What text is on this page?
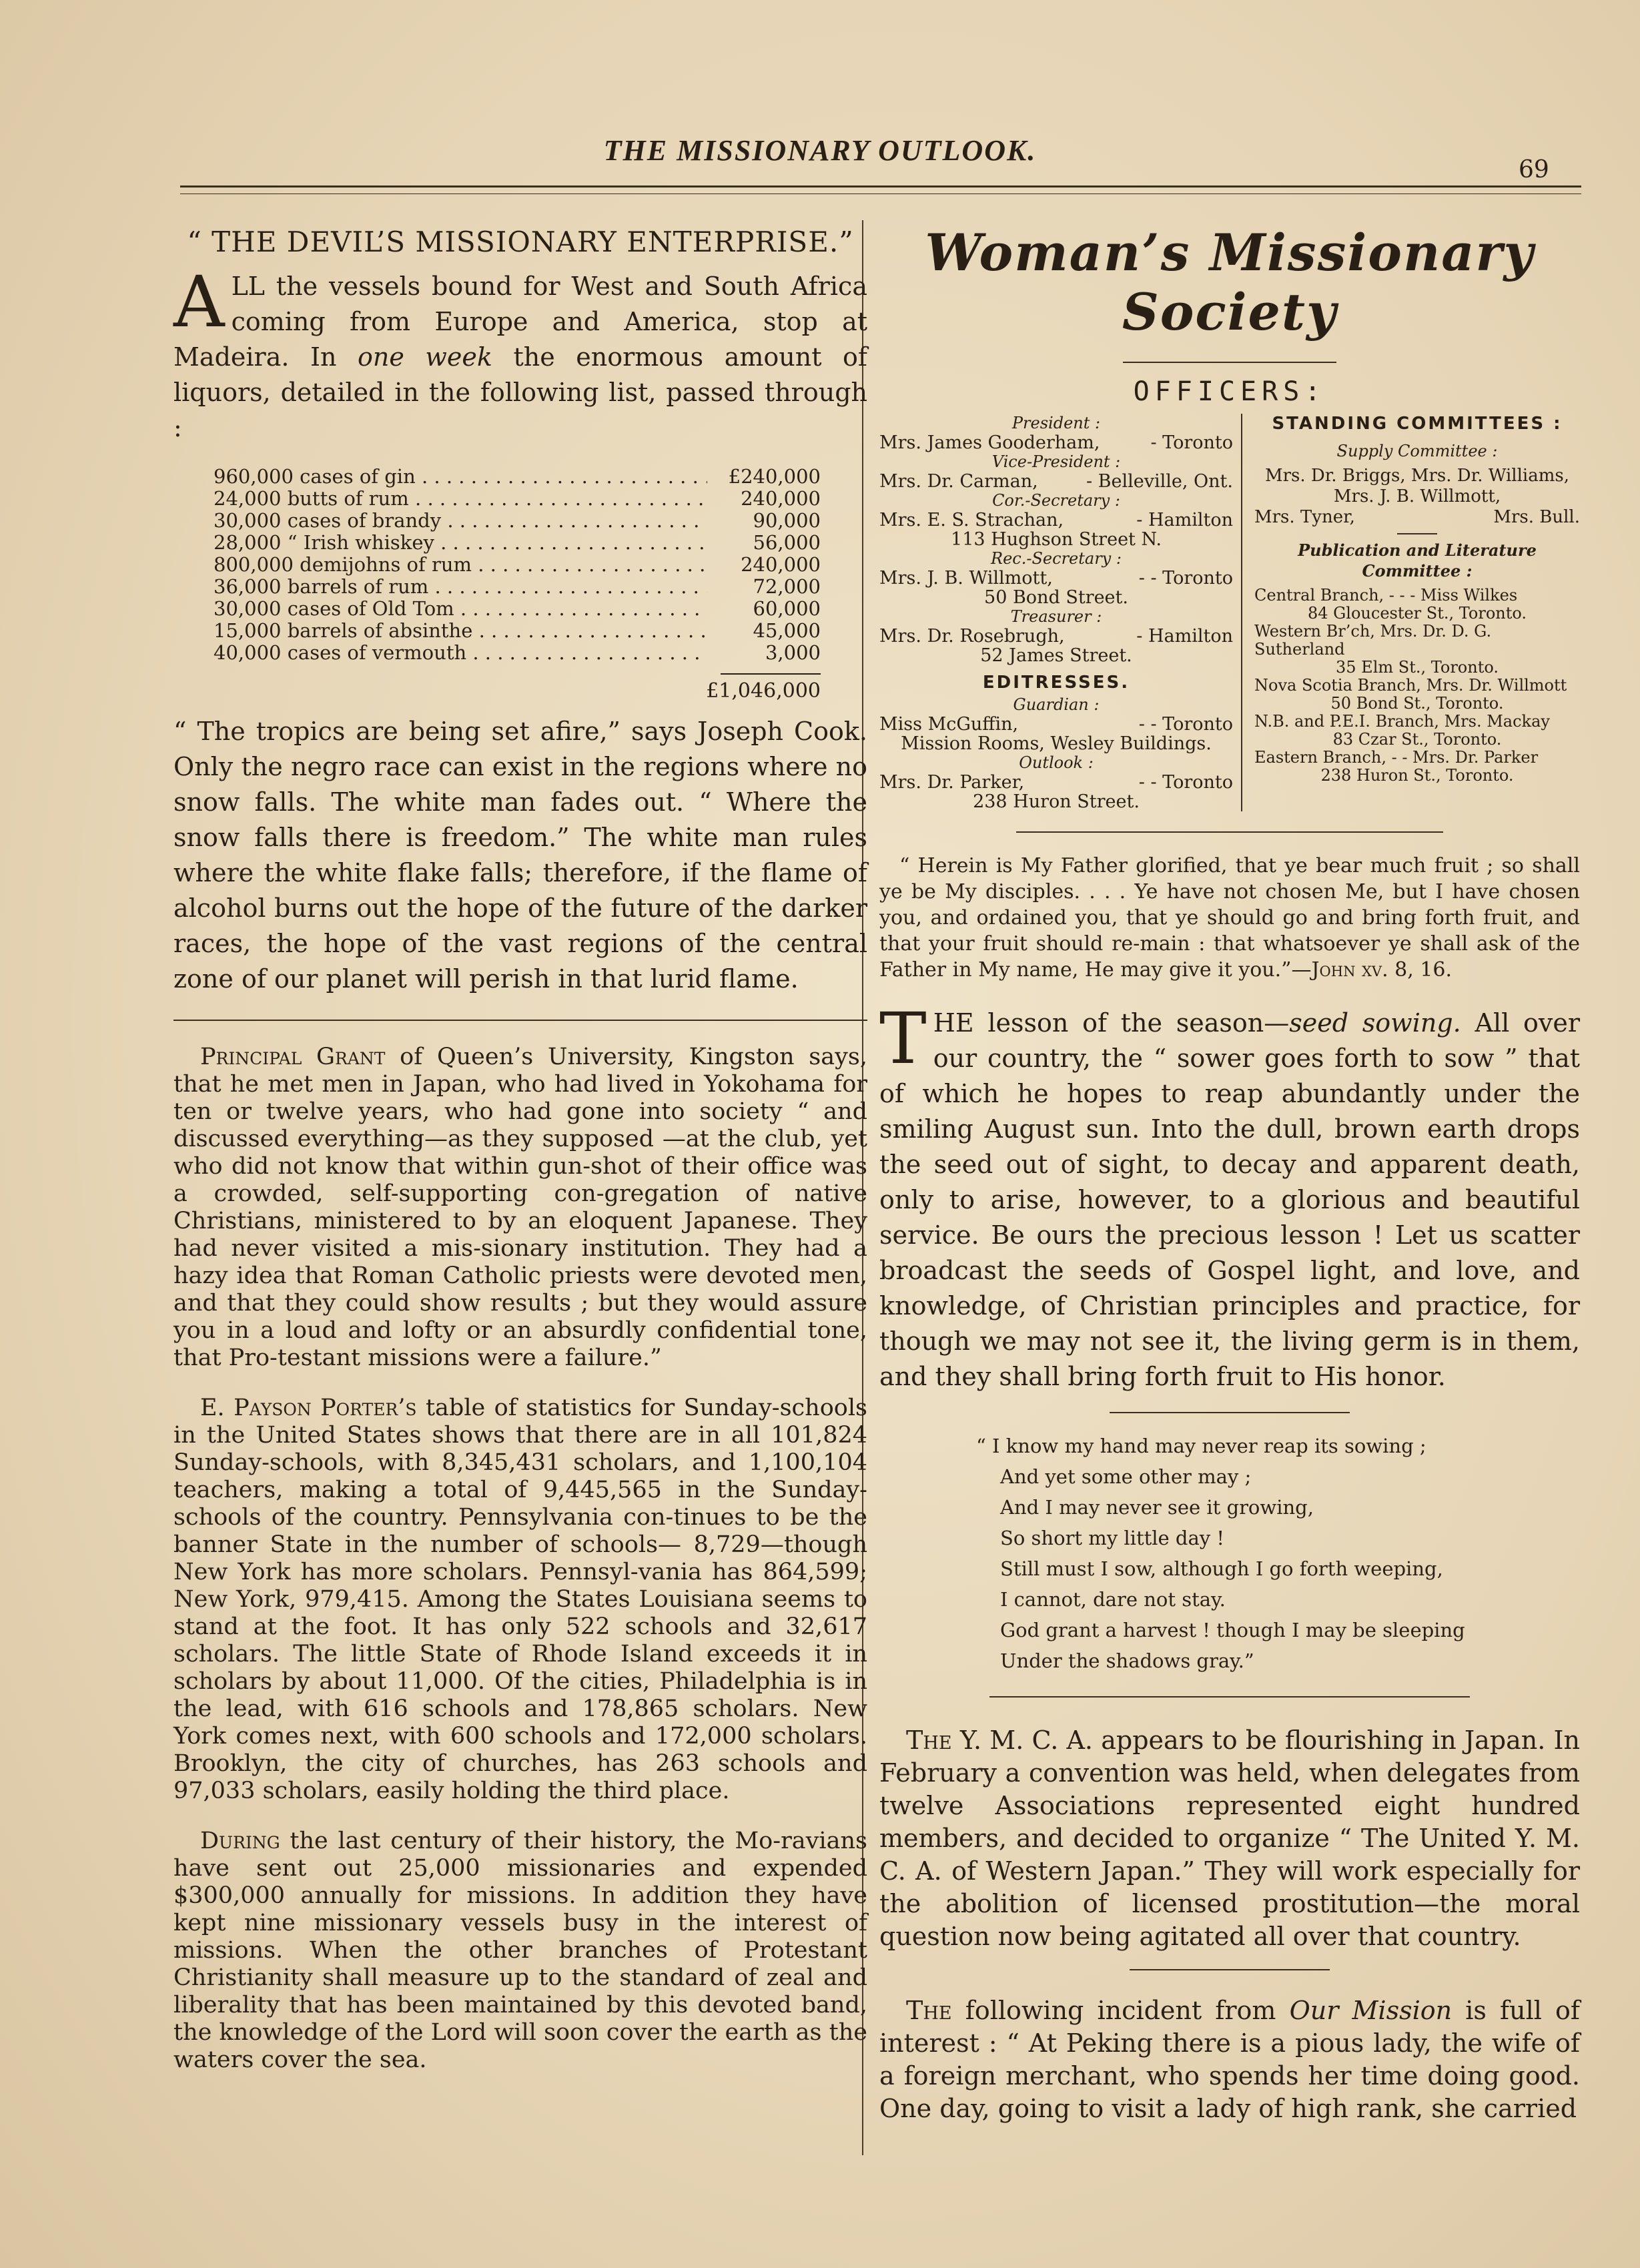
THE MISSIONARY OUTLOOK.
69
“ THE DEVIL’S MISSIONARY ENTERPRISE.”

ALL the vessels bound for West and South Africa coming from Europe and America, stop at Madeira. In one week the enormous amount of liquors, detailed in the following list, passed through :

960,000 cases of gin . . .	£240,000
24,000 butts of rum . . .	240,000
30,000 cases of brandy . . .	90,000
28,000 “ Irish whiskey . . .	56,000
800,000 demijohns of rum . . .	240,000
36,000 barrels of rum . . .	72,000
30,000 cases of Old Tom . . .	60,000
15,000 barrels of absinthe . . .	45,000
40,000 cases of vermouth . . .	3,000
£1,046,000

“ The tropics are being set afire,” says Joseph Cook. Only the negro race can exist in the regions where no snow falls. The white man fades out. “ Where the snow falls there is freedom.” The white man rules where the white flake falls; therefore, if the flame of alcohol burns out the hope of the future of the darker races, the hope of the vast regions of the central zone of our planet will perish in that lurid flame.

Principal Grant of Queen’s University, Kingston says, that he met men in Japan, who had lived in Yokohama for ten or twelve years, who had gone into society “ and discussed everything—as they supposed —at the club, yet who did not know that within gun-shot of their office was a crowded, self-supporting con-gregation of native Christians, ministered to by an eloquent Japanese. They had never visited a mis-sionary institution. They had a hazy idea that Roman Catholic priests were devoted men, and that they could show results ; but they would assure you in a loud and lofty or an absurdly confidential tone, that Pro-testant missions were a failure.”

E. Payson Porter’s table of statistics for Sunday-schools in the United States shows that there are in all 101,824 Sunday-schools, with 8,345,431 scholars, and 1,100,104 teachers, making a total of 9,445,565 in the Sunday-schools of the country. Pennsylvania con-tinues to be the banner State in the number of schools— 8,729—though New York has more scholars. Pennsyl-vania has 864,599; New York, 979,415. Among the States Louisiana seems to stand at the foot. It has only 522 schools and 32,617 scholars. The little State of Rhode Island exceeds it in scholars by about 11,000. Of the cities, Philadelphia is in the lead, with 616 schools and 178,865 scholars. New York comes next, with 600 schools and 172,000 scholars. Brooklyn, the city of churches, has 263 schools and 97,033 scholars, easily holding the third place.

During the last century of their history, the Mo-ravians have sent out 25,000 missionaries and expended $300,000 annually for missions. In addition they have kept nine missionary vessels busy in the interest of missions. When the other branches of Protestant Christianity shall measure up to the standard of zeal and liberality that has been maintained by this devoted band, the knowledge of the Lord will soon cover the earth as the waters cover the sea.

Woman’s Missionary Society
OFFICERS:
President :
Mrs. James Gooderham,	- Toronto
Vice-President :
Mrs. Dr. Carman,	- Belleville, Ont.
Cor.-Secretary :
Mrs. E. S. Strachan,	- Hamilton
113 Hughson Street N.
Rec.-Secretary :
Mrs. J. B. Willmott,	- - Toronto
50 Bond Street.
Treasurer :
Mrs. Dr. Rosebrugh,	- Hamilton
52 James Street.
EDITRESSES.
Guardian :
Miss McGuffin,	- - Toronto
Mission Rooms, Wesley Buildings.
Outlook :
Mrs. Dr. Parker,	- - Toronto
238 Huron Street.
STANDING COMMITTEES :
Supply Committee :
Mrs. Dr. Briggs, Mrs. Dr. Williams,
Mrs. J. B. Willmott,
Mrs. Tyner,	Mrs. Bull.
Publication and Literature Committee :
Central Branch, - - - Miss Wilkes
84 Gloucester St., Toronto.
Western Br’ch, Mrs. Dr. D. G. Sutherland
35 Elm St., Toronto.
Nova Scotia Branch, Mrs. Dr. Willmott
50 Bond St., Toronto.
N.B. and P.E.I. Branch, Mrs. Mackay
83 Czar St., Toronto.
Eastern Branch, - - Mrs. Dr. Parker
238 Huron St., Toronto.

“ Herein is My Father glorified, that ye bear much fruit ; so shall ye be My disciples. . . . Ye have not chosen Me, but I have chosen you, and ordained you, that ye should go and bring forth fruit, and that your fruit should re-main : that whatsoever ye shall ask of the Father in My name, He may give it you.”—John xv. 8, 16.

THE lesson of the season—seed sowing. All over our country, the “ sower goes forth to sow ” that of which he hopes to reap abundantly under the smiling August sun. Into the dull, brown earth drops the seed out of sight, to decay and apparent death, only to arise, however, to a glorious and beautiful service. Be ours the precious lesson ! Let us scatter broadcast the seeds of Gospel light, and love, and knowledge, of Christian principles and practice, for though we may not see it, the living germ is in them, and they shall bring forth fruit to His honor.

“ I know my hand may never reap its sowing ;
And yet some other may ;
And I may never see it growing,
So short my little day !
Still must I sow, although I go forth weeping,
I cannot, dare not stay.
God grant a harvest ! though I may be sleeping
Under the shadows gray.”

The Y. M. C. A. appears to be flourishing in Japan. In February a convention was held, when delegates from twelve Associations represented eight hundred members, and decided to organize “ The United Y. M. C. A. of Western Japan.” They will work especially for the abolition of licensed prostitution—the moral question now being agitated all over that country.

The following incident from Our Mission is full of interest : “ At Peking there is a pious lady, the wife of a foreign merchant, who spends her time doing good. One day, going to visit a lady of high rank, she carried
